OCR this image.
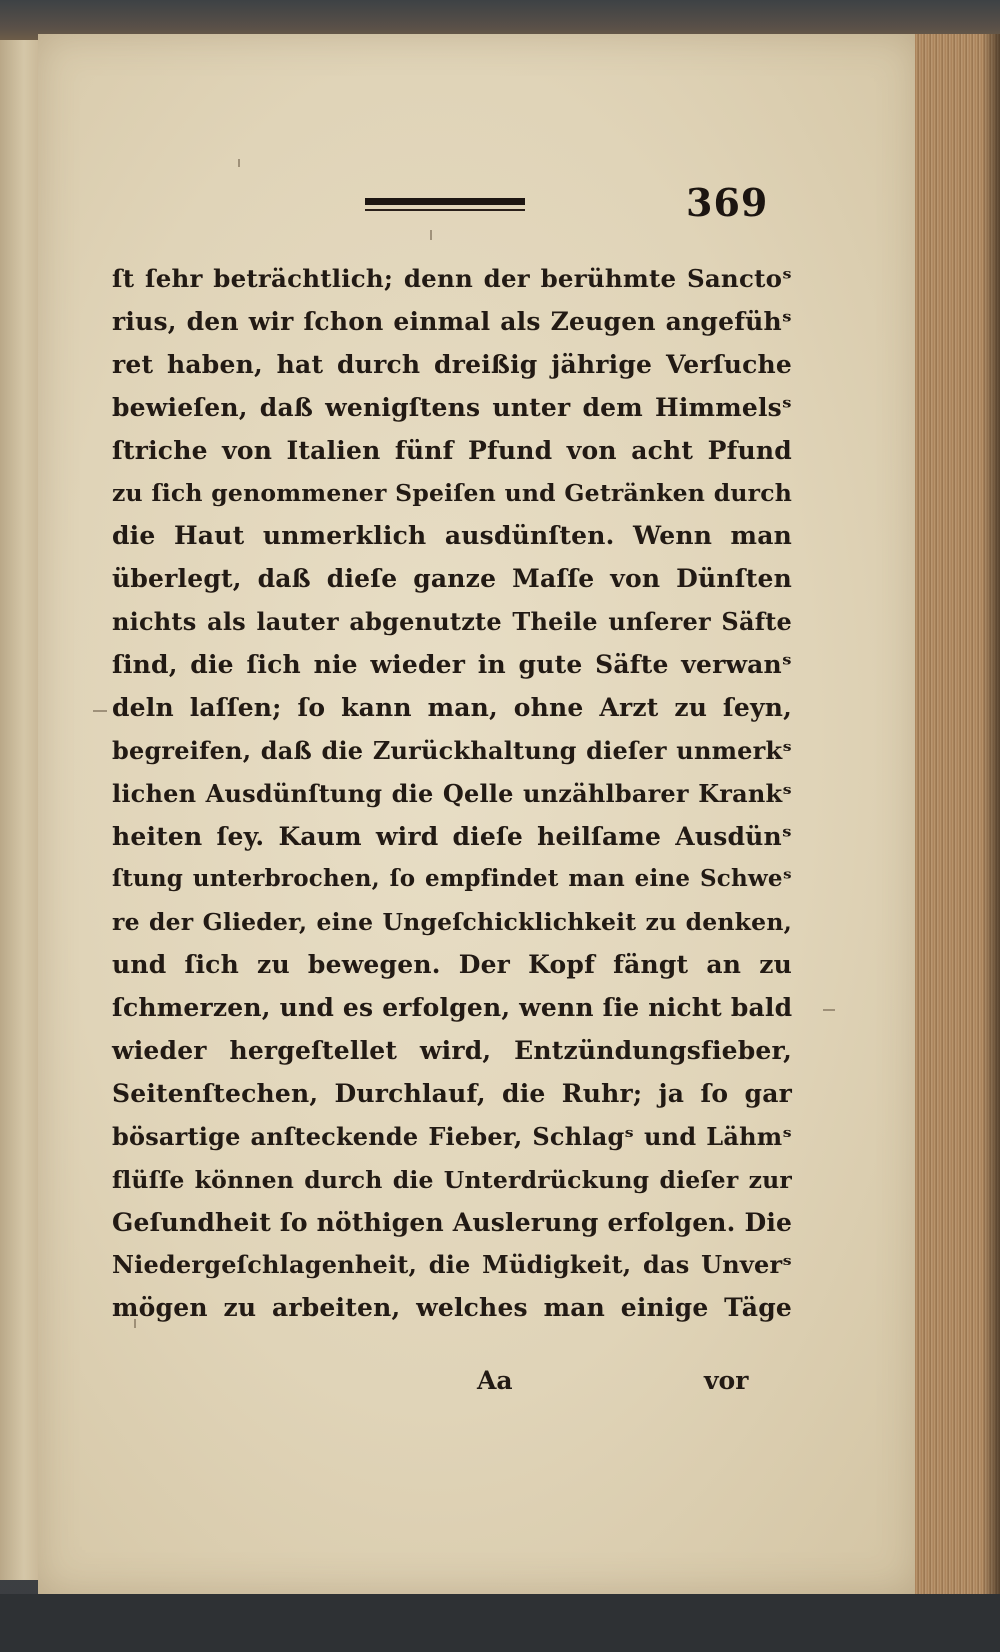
369
ſt ſehr beträchtlich; denn der berühmte Sanctoˢ
rius, den wir ſchon einmal als Zeugen angefühˢ
ret haben, hat durch dreißig jährige Verſuche
bewieſen, daß wenigſtens unter dem Himmelsˢ
ſtriche von Italien fünf Pfund von acht Pfund
zu ſich genommener Speiſen und Getränken durch
die Haut unmerklich ausdünſten. Wenn man
überlegt, daß dieſe ganze Maſſe von Dünſten
nichts als lauter abgenutzte Theile unſerer Säfte
ſind, die ſich nie wieder in gute Säfte verwanˢ
deln laſſen; ſo kann man, ohne Arzt zu ſeyn,
begreifen, daß die Zurückhaltung dieſer unmerkˢ
lichen Ausdünſtung die Qelle unzählbarer Krankˢ
heiten ſey. Kaum wird dieſe heilſame Ausdünˢ
ſtung unterbrochen, ſo empfindet man eine Schweˢ
re der Glieder, eine Ungeſchicklichkeit zu denken,
und ſich zu bewegen. Der Kopf fängt an zu
ſchmerzen, und es erfolgen, wenn ſie nicht bald
wieder hergeſtellet wird, Entzündungsfieber,
Seitenſtechen, Durchlauf, die Ruhr; ja ſo gar
bösartige anſteckende Fieber, Schlagˢ und Lähmˢ
flüſſe können durch die Unterdrückung dieſer zur
Geſundheit ſo nöthigen Auslerung erfolgen. Die
Niedergeſchlagenheit, die Müdigkeit, das Unverˢ
mögen zu arbeiten, welches man einige Täge
Aa	vor
